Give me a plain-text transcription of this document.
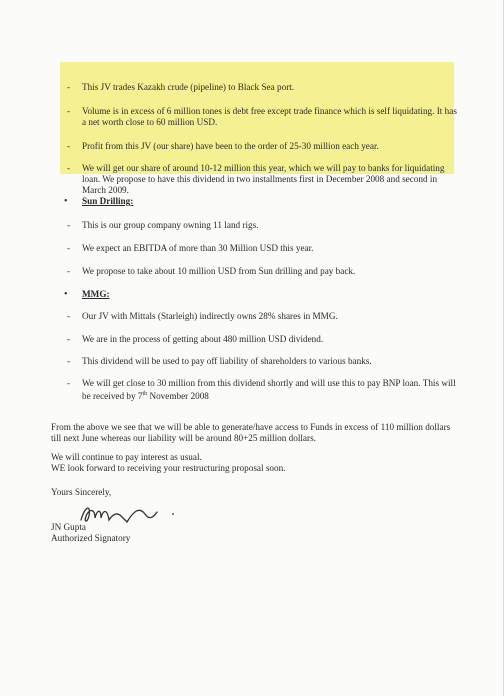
- This JV trades Kazakh crude (pipeline) to Black Sea port.
- Volume is in excess of 6 million tones is debt free except trade finance which is self liquidating. It has a net worth close to 60 million USD.
- Profit from this JV (our share) have been to the order of 25-30 million each year.
- We will get our share of around 10-12 million this year, which we will pay to banks for liquidating loan. We propose to have this dividend in two installments first in December 2008 and second in March 2009.
• Sun Drilling:
- This is our group company owning 11 land rigs.
- We expect an EBITDA of more than 30 Million USD this year.
- We propose to take about 10 million USD from Sun drilling and pay back.
• MMG:
- Our JV with Mittals (Starleigh) indirectly owns 28% shares in MMG.
- We are in the process of getting about 480 million USD dividend.
- This dividend will be used to pay off liability of shareholders to various banks.
- We will get close to 30 million from this dividend shortly and will use this to pay BNP loan. This will be received by 7th November 2008
From the above we see that we will be able to generate/have access to Funds in excess of 110 million dollars till next June whereas our liability will be around 80+25 million dollars.
We will continue to pay interest as usual.
WE look forward to receiving your restructuring proposal soon.
Yours Sincerely,
JN Gupta
Authorized Signatory
